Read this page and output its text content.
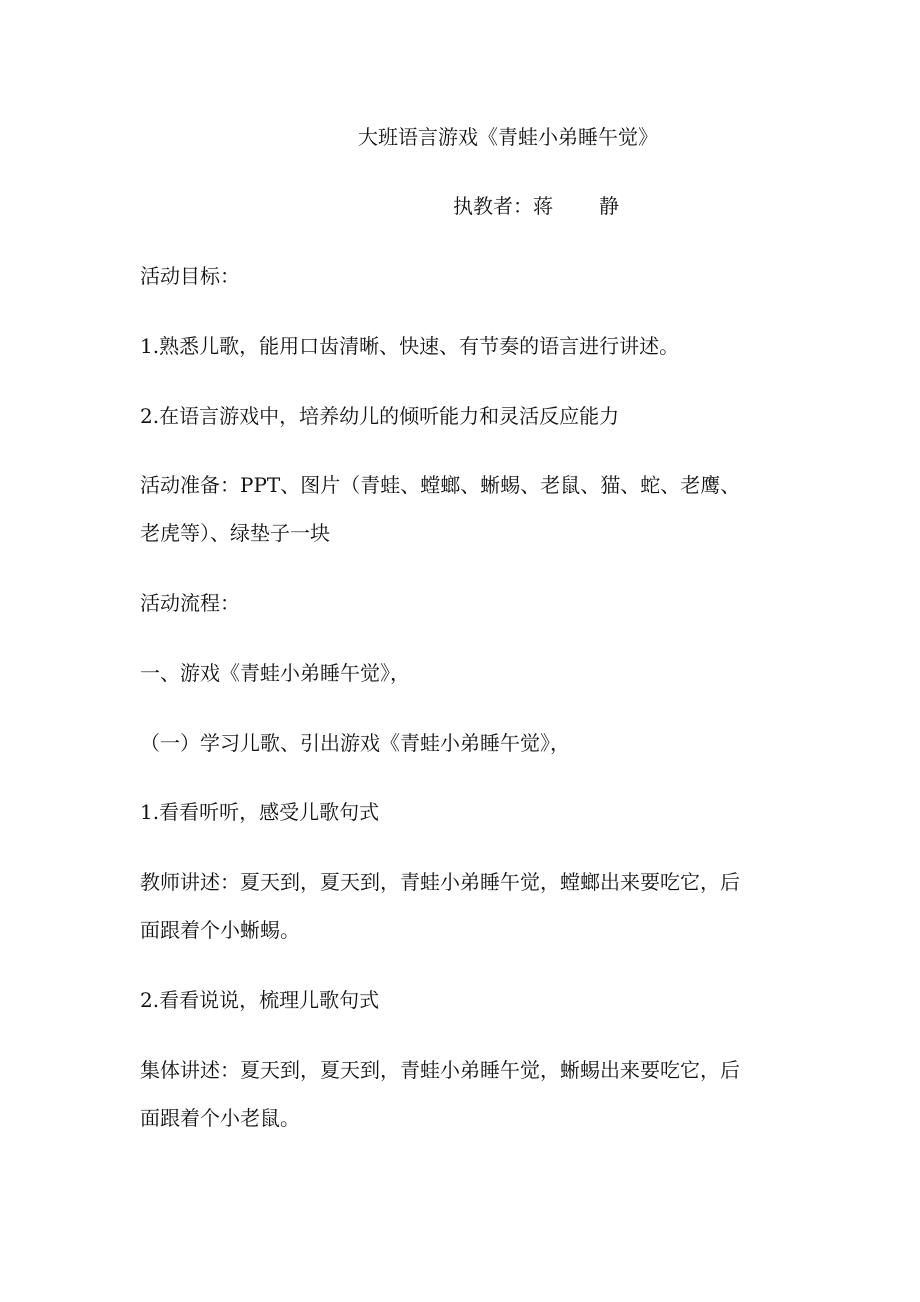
大班语言游戏《青蛙小弟睡午觉》
执教者：蒋 静
活动目标：
1.熟悉儿歌，能用口齿清晰、快速、有节奏的语言进行讲述。
2.在语言游戏中，培养幼儿的倾听能力和灵活反应能力
活动准备：PPT、图片（青蛙、螳螂、蜥蜴、老鼠、猫、蛇、老鹰、
老虎等）、绿垫子一块
活动流程：
一、游戏《青蛙小弟睡午觉》，
（一）学习儿歌、引出游戏《青蛙小弟睡午觉》，
1.看看听听，感受儿歌句式
教师讲述：夏天到，夏天到，青蛙小弟睡午觉，螳螂出来要吃它，后
面跟着个小蜥蜴。
2.看看说说，梳理儿歌句式
集体讲述：夏天到，夏天到，青蛙小弟睡午觉，蜥蜴出来要吃它，后
面跟着个小老鼠。
